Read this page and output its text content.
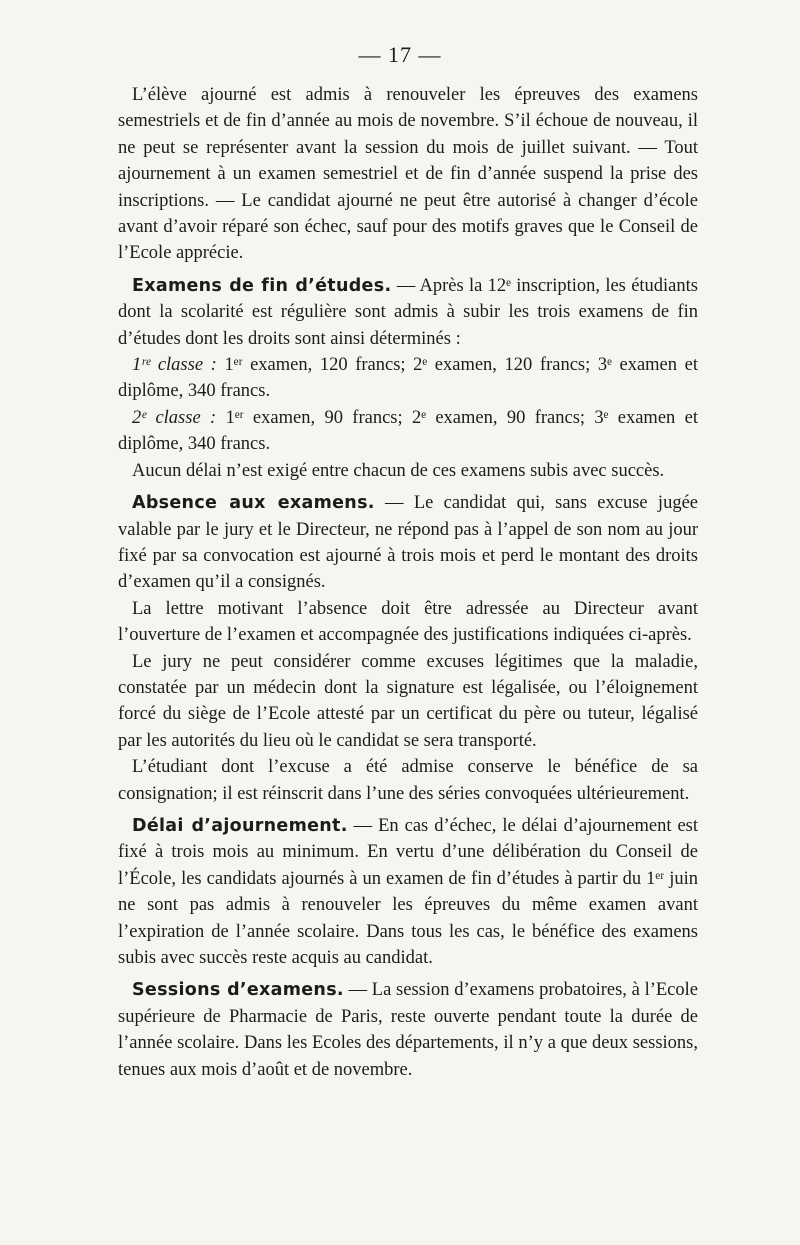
— 17 —

L’élève ajourné est admis à renouveler les épreuves des examens semestriels et de fin d’année au mois de novembre. S’il échoue de nouveau, il ne peut se représenter avant la session du mois de juillet suivant. — Tout ajournement à un examen semestriel et de fin d’année suspend la prise des inscriptions. — Le candidat ajourné ne peut être autorisé à changer d’école avant d’avoir réparé son échec, sauf pour des motifs graves que le Conseil de l’Ecole apprécie.

Examens de fin d’études. — Après la 12ᵉ inscription, les étudiants dont la scolarité est régulière sont admis à subir les trois examens de fin d’études dont les droits sont ainsi déterminés :

1ʳᵉ classe : 1ᵉʳ examen, 120 francs; 2ᵉ examen, 120 francs; 3ᵉ examen et diplôme, 340 francs.

2ᵉ classe : 1ᵉʳ examen, 90 francs; 2ᵉ examen, 90 francs; 3ᵉ examen et diplôme, 340 francs.

Aucun délai n’est exigé entre chacun de ces examens subis avec succès.

Absence aux examens. — Le candidat qui, sans excuse jugée valable par le jury et le Directeur, ne répond pas à l’appel de son nom au jour fixé par sa convocation est ajourné à trois mois et perd le montant des droits d’examen qu’il a consignés.

La lettre motivant l’absence doit être adressée au Directeur avant l’ouverture de l’examen et accompagnée des justifications indiquées ci-après.

Le jury ne peut considérer comme excuses légitimes que la maladie, constatée par un médecin dont la signature est légalisée, ou l’éloignement forcé du siège de l’Ecole attesté par un certificat du père ou tuteur, légalisé par les autorités du lieu où le candidat se sera transporté.

L’étudiant dont l’excuse a été admise conserve le bénéfice de sa consignation; il est réinscrit dans l’une des séries convoquées ultérieurement.

Délai d’ajournement. — En cas d’échec, le délai d’ajournement est fixé à trois mois au minimum. En vertu d’une délibération du Conseil de l’École, les candidats ajournés à un examen de fin d’études à partir du 1ᵉʳ juin ne sont pas admis à renouveler les épreuves du même examen avant l’expiration de l’année scolaire. Dans tous les cas, le bénéfice des examens subis avec succès reste acquis au candidat.

Sessions d’examens. — La session d’examens probatoires, à l’Ecole supérieure de Pharmacie de Paris, reste ouverte pendant toute la durée de l’année scolaire. Dans les Ecoles des départements, il n’y a que deux sessions, tenues aux mois d’août et de novembre.
